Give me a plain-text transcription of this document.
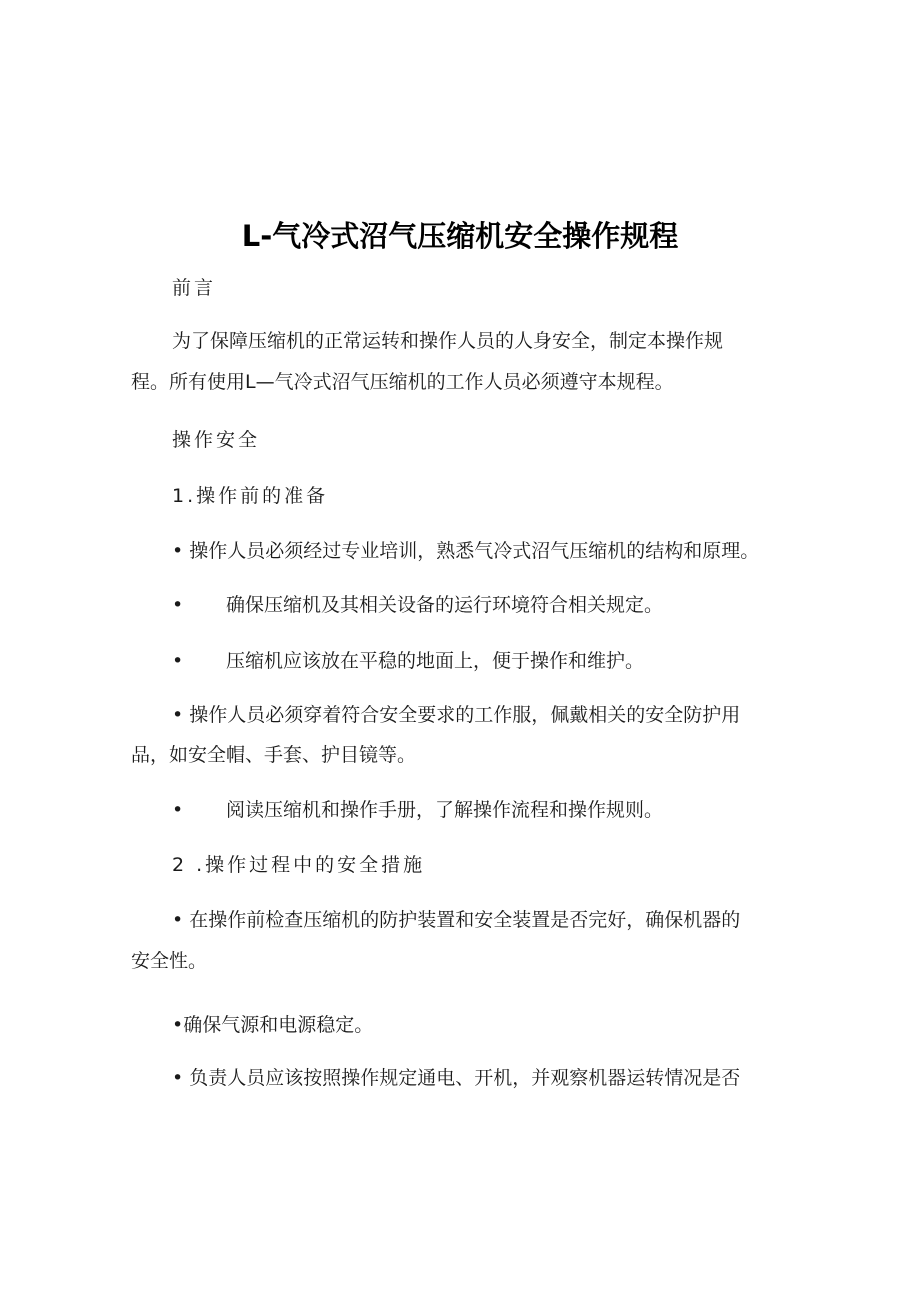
L-气冷式沼气压缩机安全操作规程
前言
为了保障压缩机的正常运转和操作人员的人身安全，制定本操作规
程。所有使用L—气冷式沼气压缩机的工作人员必须遵守本规程。
操作安全
1.操作前的准备
• 操作人员必须经过专业培训，熟悉气冷式沼气压缩机的结构和原理。
• 确保压缩机及其相关设备的运行环境符合相关规定。
• 压缩机应该放在平稳的地面上，便于操作和维护。
• 操作人员必须穿着符合安全要求的工作服，佩戴相关的安全防护用
品，如安全帽、手套、护目镜等。
• 阅读压缩机和操作手册，了解操作流程和操作规则。
2 .操作过程中的安全措施
• 在操作前检查压缩机的防护装置和安全装置是否完好，确保机器的
安全性。
•确保气源和电源稳定。
• 负责人员应该按照操作规定通电、开机，并观察机器运转情况是否
